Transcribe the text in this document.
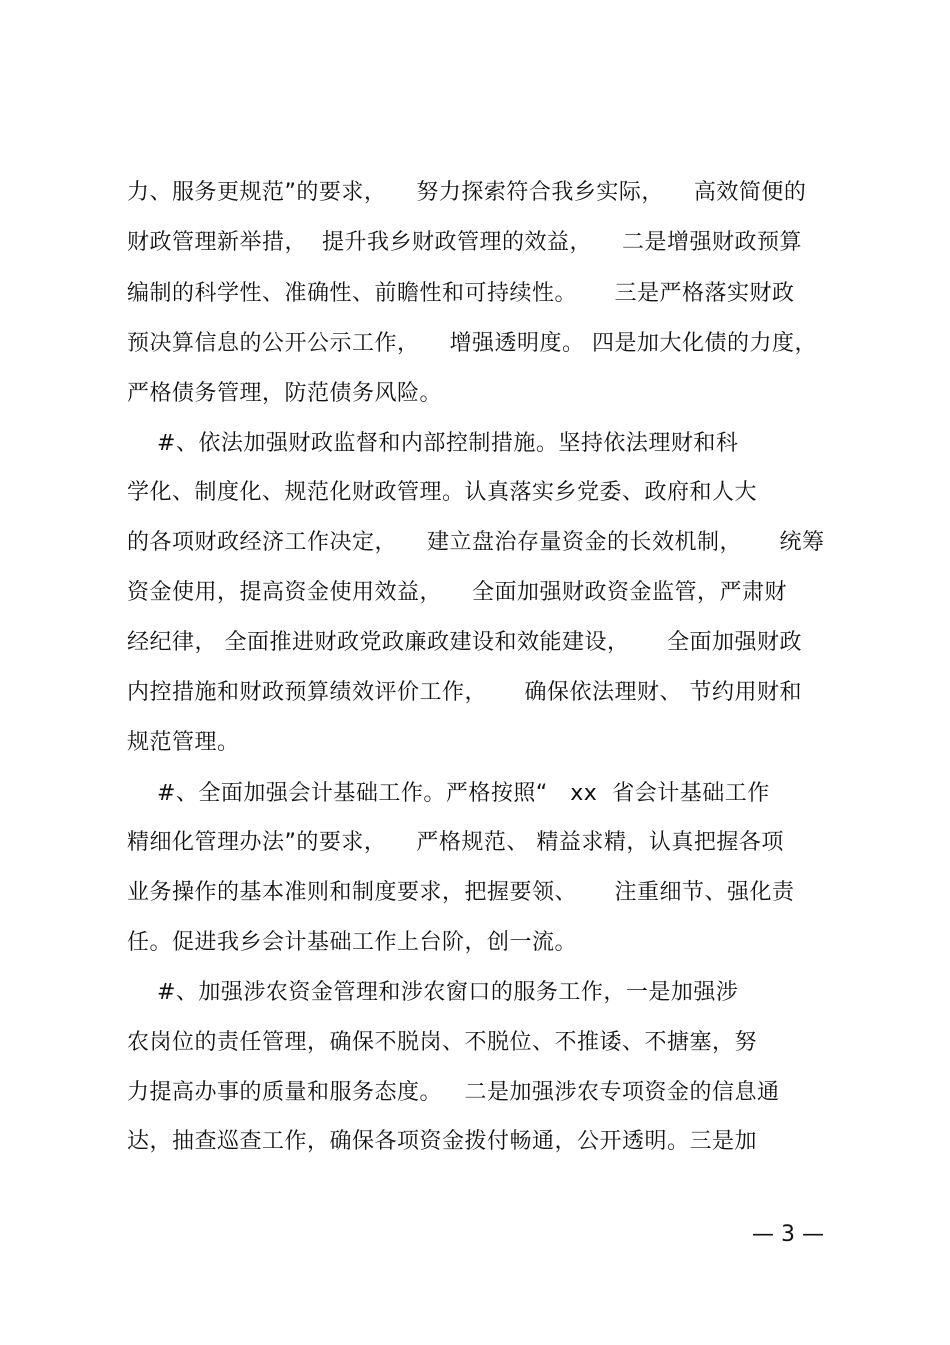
力、服务更规范”的要求，    努力探索符合我乡实际，    高效简便的
财政管理新举措，  提升我乡财政管理的效益，    二是增强财政预算
编制的科学性、准确性、前瞻性和可持续性。     三是严格落实财政
预决算信息的公开公示工作，    增强透明度。 四是加大化债的力度，
严格债务管理，防范债务风险。
#、依法加强财政监督和内部控制措施。坚持依法理财和科
学化、制度化、规范化财政管理。认真落实乡党委、政府和人大
的各项财政经济工作决定，    建立盘治存量资金的长效机制，     统筹
资金使用，提高资金使用效益，    全面加强财政资金监管，严肃财
经纪律， 全面推进财政党政廉政建设和效能建设，     全面加强财政
内控措施和财政预算绩效评价工作，     确保依法理财、 节约用财和
规范管理。
#、全面加强会计基础工作。严格按照“   xx  省会计基础工作
精细化管理办法”的要求，    严格规范、 精益求精，认真把握各项
业务操作的基本准则和制度要求，把握要领、     注重细节、强化责
任。促进我乡会计基础工作上台阶，创一流。
#、加强涉农资金管理和涉农窗口的服务工作，一是加强涉
农岗位的责任管理，确保不脱岗、不脱位、不推诿、不搪塞，努
力提高办事的质量和服务态度。   二是加强涉农专项资金的信息通
达，抽查巡查工作，确保各项资金拨付畅通，公开透明。三是加
— 3 —
